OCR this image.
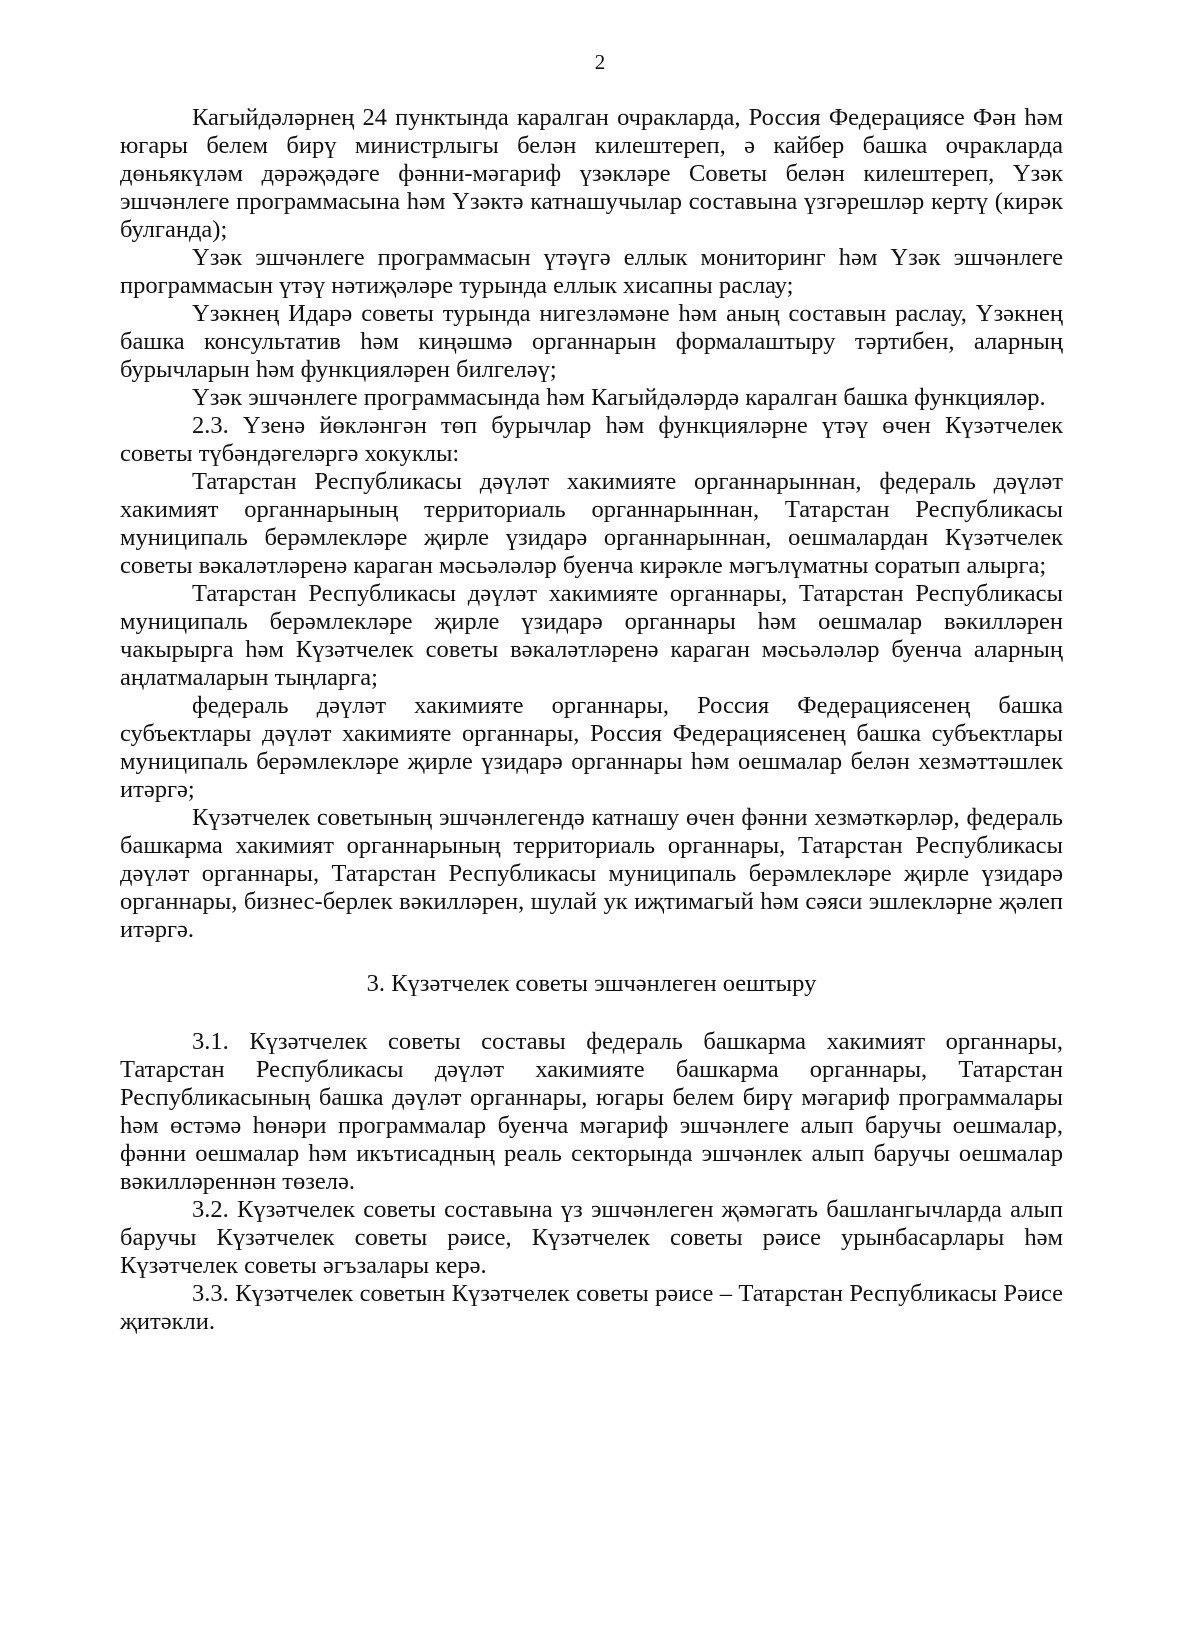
2

Кагыйдәләрнең 24 пунктында каралган очракларда, Россия Федерациясе Фән һәм югары белем бирү министрлыгы белән килештереп, ә кайбер башка очракларда дөньякүләм дәрәҗәдәге фәнни-мәгариф үзәкләре Советы белән килештереп, Үзәк эшчәнлеге программасына һәм Үзәктә катнашучылар составына үзгәрешләр кертү (кирәк булганда);

Үзәк эшчәнлеге программасын үтәүгә еллык мониторинг һәм Үзәк эшчәнлеге программасын үтәү нәтиҗәләре турында еллык хисапны раслау;

Үзәкнең Идарә советы турында нигезләмәне һәм аның составын раслау, Үзәкнең башка консультатив һәм киңәшмә органнарын формалаштыру тәртибен, аларның бурычларын һәм функцияләрен билгеләү;

Үзәк эшчәнлеге программасында һәм Кагыйдәләрдә каралган башка функцияләр.

2.3. Үзенә йөкләнгән төп бурычлар һәм функцияләрне үтәү өчен Күзәтчелек советы түбәндәгеләргә хокуклы:

Татарстан Республикасы дәүләт хакимияте органнарыннан, федераль дәүләт хакимият органнарының территориаль органнарыннан, Татарстан Республикасы муниципаль берәмлекләре җирле үзидарә органнарыннан, оешмалардан Күзәтчелек советы вәкаләтләренә караган мәсьәләләр буенча кирәкле мәгълүматны соратып алырга;

Татарстан Республикасы дәүләт хакимияте органнары, Татарстан Республикасы муниципаль берәмлекләре җирле үзидарә органнары һәм оешмалар вәкилләрен чакырырга һәм Күзәтчелек советы вәкаләтләренә караган мәсьәләләр буенча аларның аңлатмаларын тыңларга;

федераль дәүләт хакимияте органнары, Россия Федерациясенең башка субъектлары дәүләт хакимияте органнары, Россия Федерациясенең башка субъектлары муниципаль берәмлекләре җирле үзидарә органнары һәм оешмалар белән хезмәттәшлек итәргә;

Күзәтчелек советының эшчәнлегендә катнашу өчен фәнни хезмәткәрләр, федераль башкарма хакимият органнарының территориаль органнары, Татарстан Республикасы дәүләт органнары, Татарстан Республикасы муниципаль берәмлекләре җирле үзидарә органнары, бизнес-берлек вәкилләрен, шулай ук иҗтимагый һәм сәяси эшлекләрне җәлеп итәргә.

3. Күзәтчелек советы эшчәнлеген оештыру

3.1. Күзәтчелек советы составы федераль башкарма хакимият органнары, Татарстан Республикасы дәүләт хакимияте башкарма органнары, Татарстан Республикасының башка дәүләт органнары, югары белем бирү мәгариф программалары һәм өстәмә һөнәри программалар буенча мәгариф эшчәнлеге алып баручы оешмалар, фәнни оешмалар һәм икътисадның реаль секторында эшчәнлек алып баручы оешмалар вәкилләреннән төзелә.

3.2. Күзәтчелек советы составына үз эшчәнлеген җәмәгать башлангычларда алып баручы Күзәтчелек советы рәисе, Күзәтчелек советы рәисе урынбасарлары һәм Күзәтчелек советы әгъзалары керә.

3.3. Күзәтчелек советын Күзәтчелек советы рәисе – Татарстан Республикасы Рәисе җитәкли.
